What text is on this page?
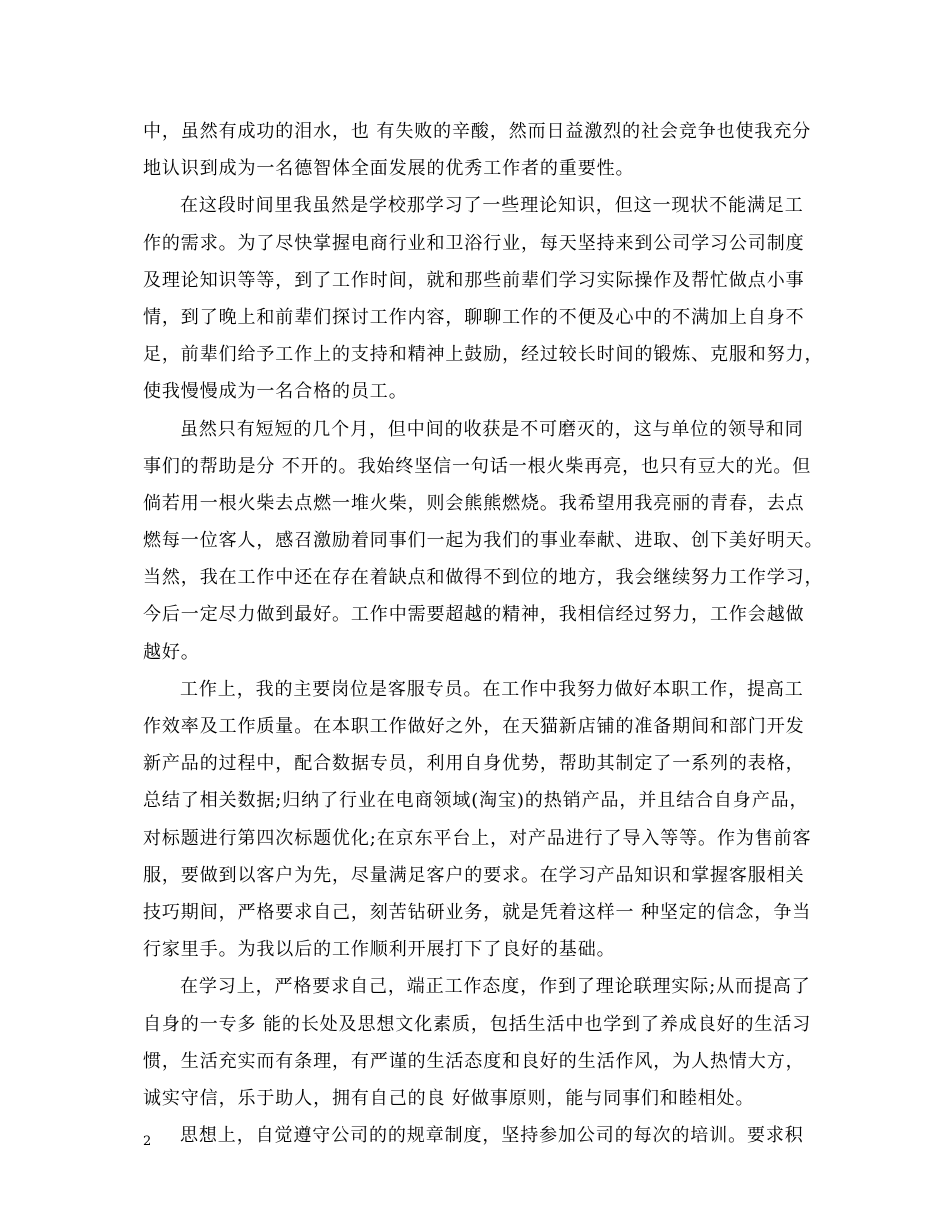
中，虽然有成功的泪水，也 有失败的辛酸，然而日益激烈的社会竞争也使我充分
地认识到成为一名德智体全面发展的优秀工作者的重要性。
在这段时间里我虽然是学校那学习了一些理论知识，但这一现状不能满足工
作的需求。为了尽快掌握电商行业和卫浴行业，每天坚持来到公司学习公司制度
及理论知识等等，到了工作时间，就和那些前辈们学习实际操作及帮忙做点小事
情，到了晚上和前辈们探讨工作内容，聊聊工作的不便及心中的不满加上自身不
足，前辈们给予工作上的支持和精神上鼓励，经过较长时间的锻炼、克服和努力，
使我慢慢成为一名合格的员工。
虽然只有短短的几个月，但中间的收获是不可磨灭的，这与单位的领导和同
事们的帮助是分 不开的。我始终坚信一句话一根火柴再亮，也只有豆大的光。但
倘若用一根火柴去点燃一堆火柴，则会熊熊燃烧。我希望用我亮丽的青春，去点
燃每一位客人，感召激励着同事们一起为我们的事业奉献、进取、创下美好明天。
当然，我在工作中还在存在着缺点和做得不到位的地方，我会继续努力工作学习，
今后一定尽力做到最好。工作中需要超越的精神，我相信经过努力，工作会越做
越好。
工作上，我的主要岗位是客服专员。在工作中我努力做好本职工作，提高工
作效率及工作质量。在本职工作做好之外，在天猫新店铺的准备期间和部门开发
新产品的过程中，配合数据专员，利用自身优势，帮助其制定了一系列的表格，
总结了相关数据;归纳了行业在电商领域(淘宝)的热销产品，并且结合自身产品，
对标题进行第四次标题优化;在京东平台上，对产品进行了导入等等。作为售前客
服，要做到以客户为先，尽量满足客户的要求。在学习产品知识和掌握客服相关
技巧期间，严格要求自己，刻苦钻研业务，就是凭着这样一 种坚定的信念，争当
行家里手。为我以后的工作顺利开展打下了良好的基础。
在学习上，严格要求自己，端正工作态度，作到了理论联理实际;从而提高了
自身的一专多 能的长处及思想文化素质，包括生活中也学到了养成良好的生活习
惯，生活充实而有条理，有严谨的生活态度和良好的生活作风，为人热情大方，
诚实守信，乐于助人，拥有自己的良 好做事原则，能与同事们和睦相处。
思想上，自觉遵守公司的的规章制度，坚持参加公司的每次的培训。要求积
2
